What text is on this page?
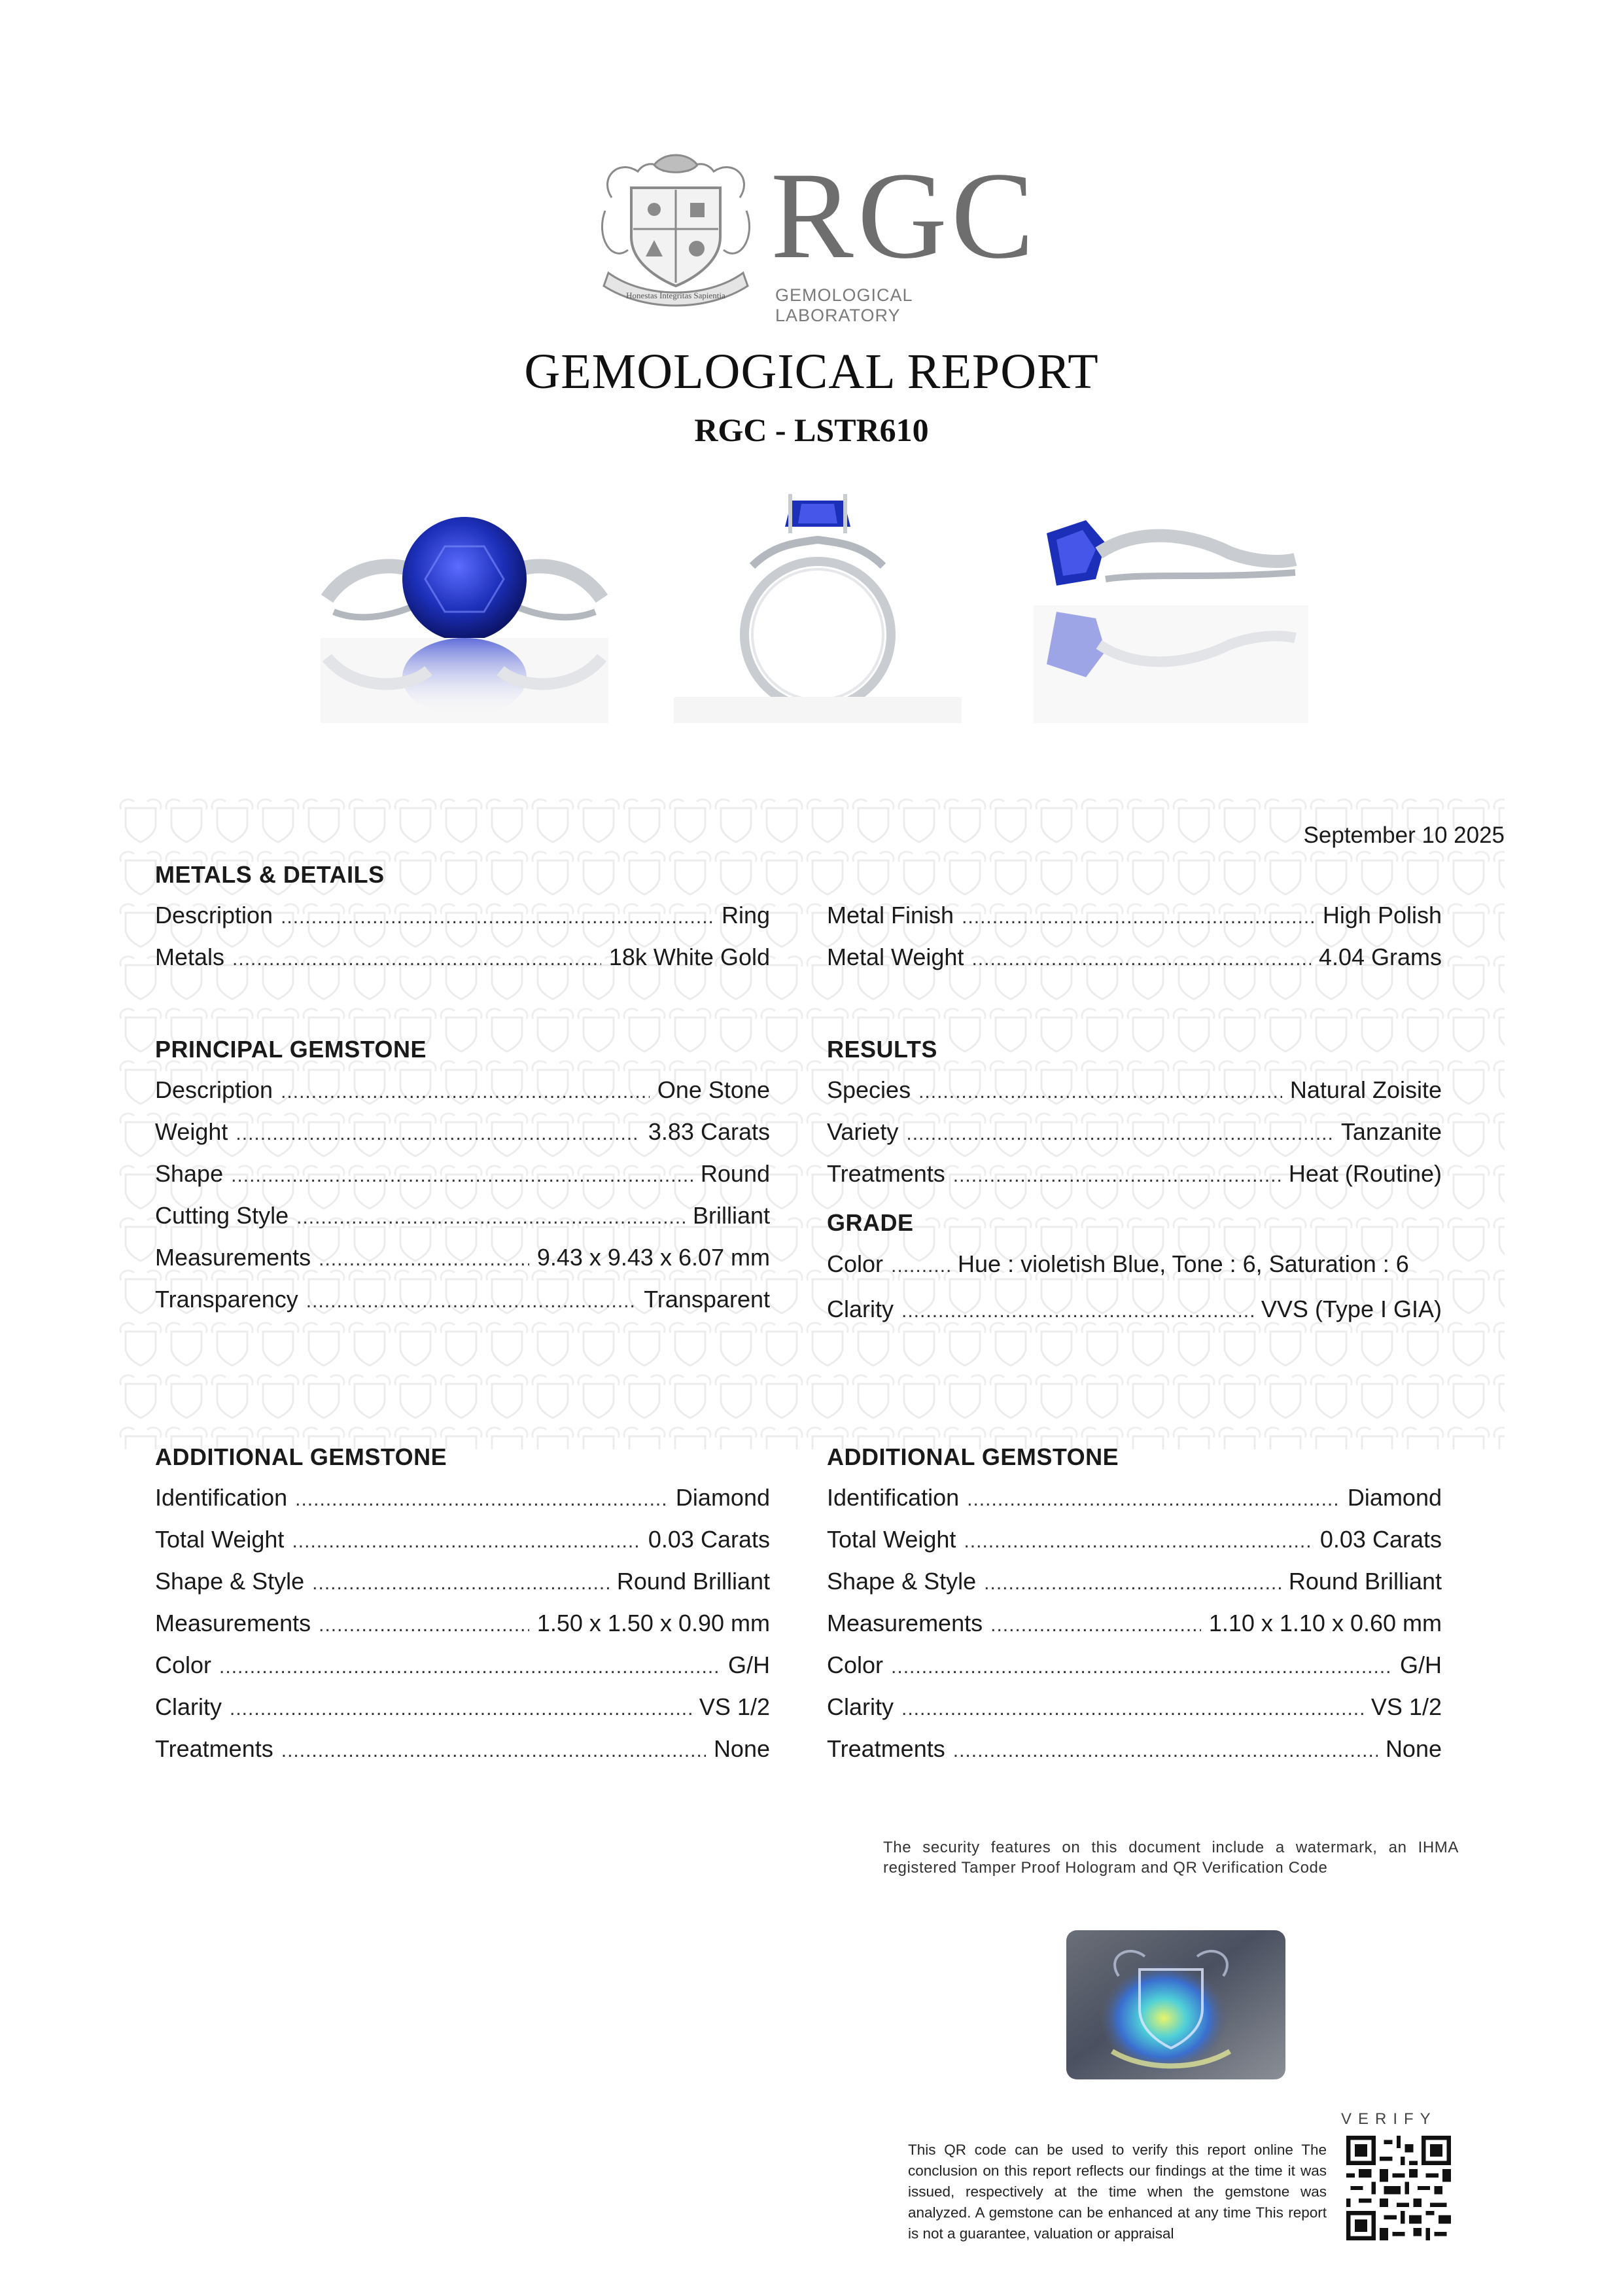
Honestas Integritas Sapientia
RGC
GEMOLOGICAL LABORATORY
GEMOLOGICAL REPORT
RGC - LSTR610
September 10 2025
METALS & DETAILS
Description .....	Ring
Metals .....	18k White Gold
Metal Finish .....	High Polish
Metal Weight .....	4.04 Grams
PRINCIPAL GEMSTONE
Description .....	One Stone
Weight .....	3.83 Carats
Shape .....	Round
Cutting Style .....	Brilliant
Measurements .....	9.43 x 9.43 x 6.07 mm
Transparency .....	Transparent
RESULTS
Species .....	Natural Zoisite
Variety .....	Tanzanite
Treatments .....	Heat (Routine)
GRADE
Color .....	Hue : violetish Blue, Tone : 6, Saturation : 6
Clarity .....	VVS (Type I GIA)
ADDITIONAL GEMSTONE
Identification .....	Diamond
Total Weight .....	0.03 Carats
Shape & Style .....	Round Brilliant
Measurements .....	1.50 x 1.50 x 0.90 mm
Color .....	G/H
Clarity .....	VS 1/2
Treatments .....	None
ADDITIONAL GEMSTONE
Identification .....	Diamond
Total Weight .....	0.03 Carats
Shape & Style .....	Round Brilliant
Measurements .....	1.10 x 1.10 x 0.60 mm
Color .....	G/H
Clarity .....	VS 1/2
Treatments .....	None
The security features on this document include a watermark, an IHMA registered Tamper Proof Hologram and QR Verification Code
VERIFY
This QR code can be used to verify this report online The conclusion on this report reflects our findings at the time it was issued, respectively at the time when the gemstone was analyzed. A gemstone can be enhanced at any time This report is not a guarantee, valuation or appraisal
